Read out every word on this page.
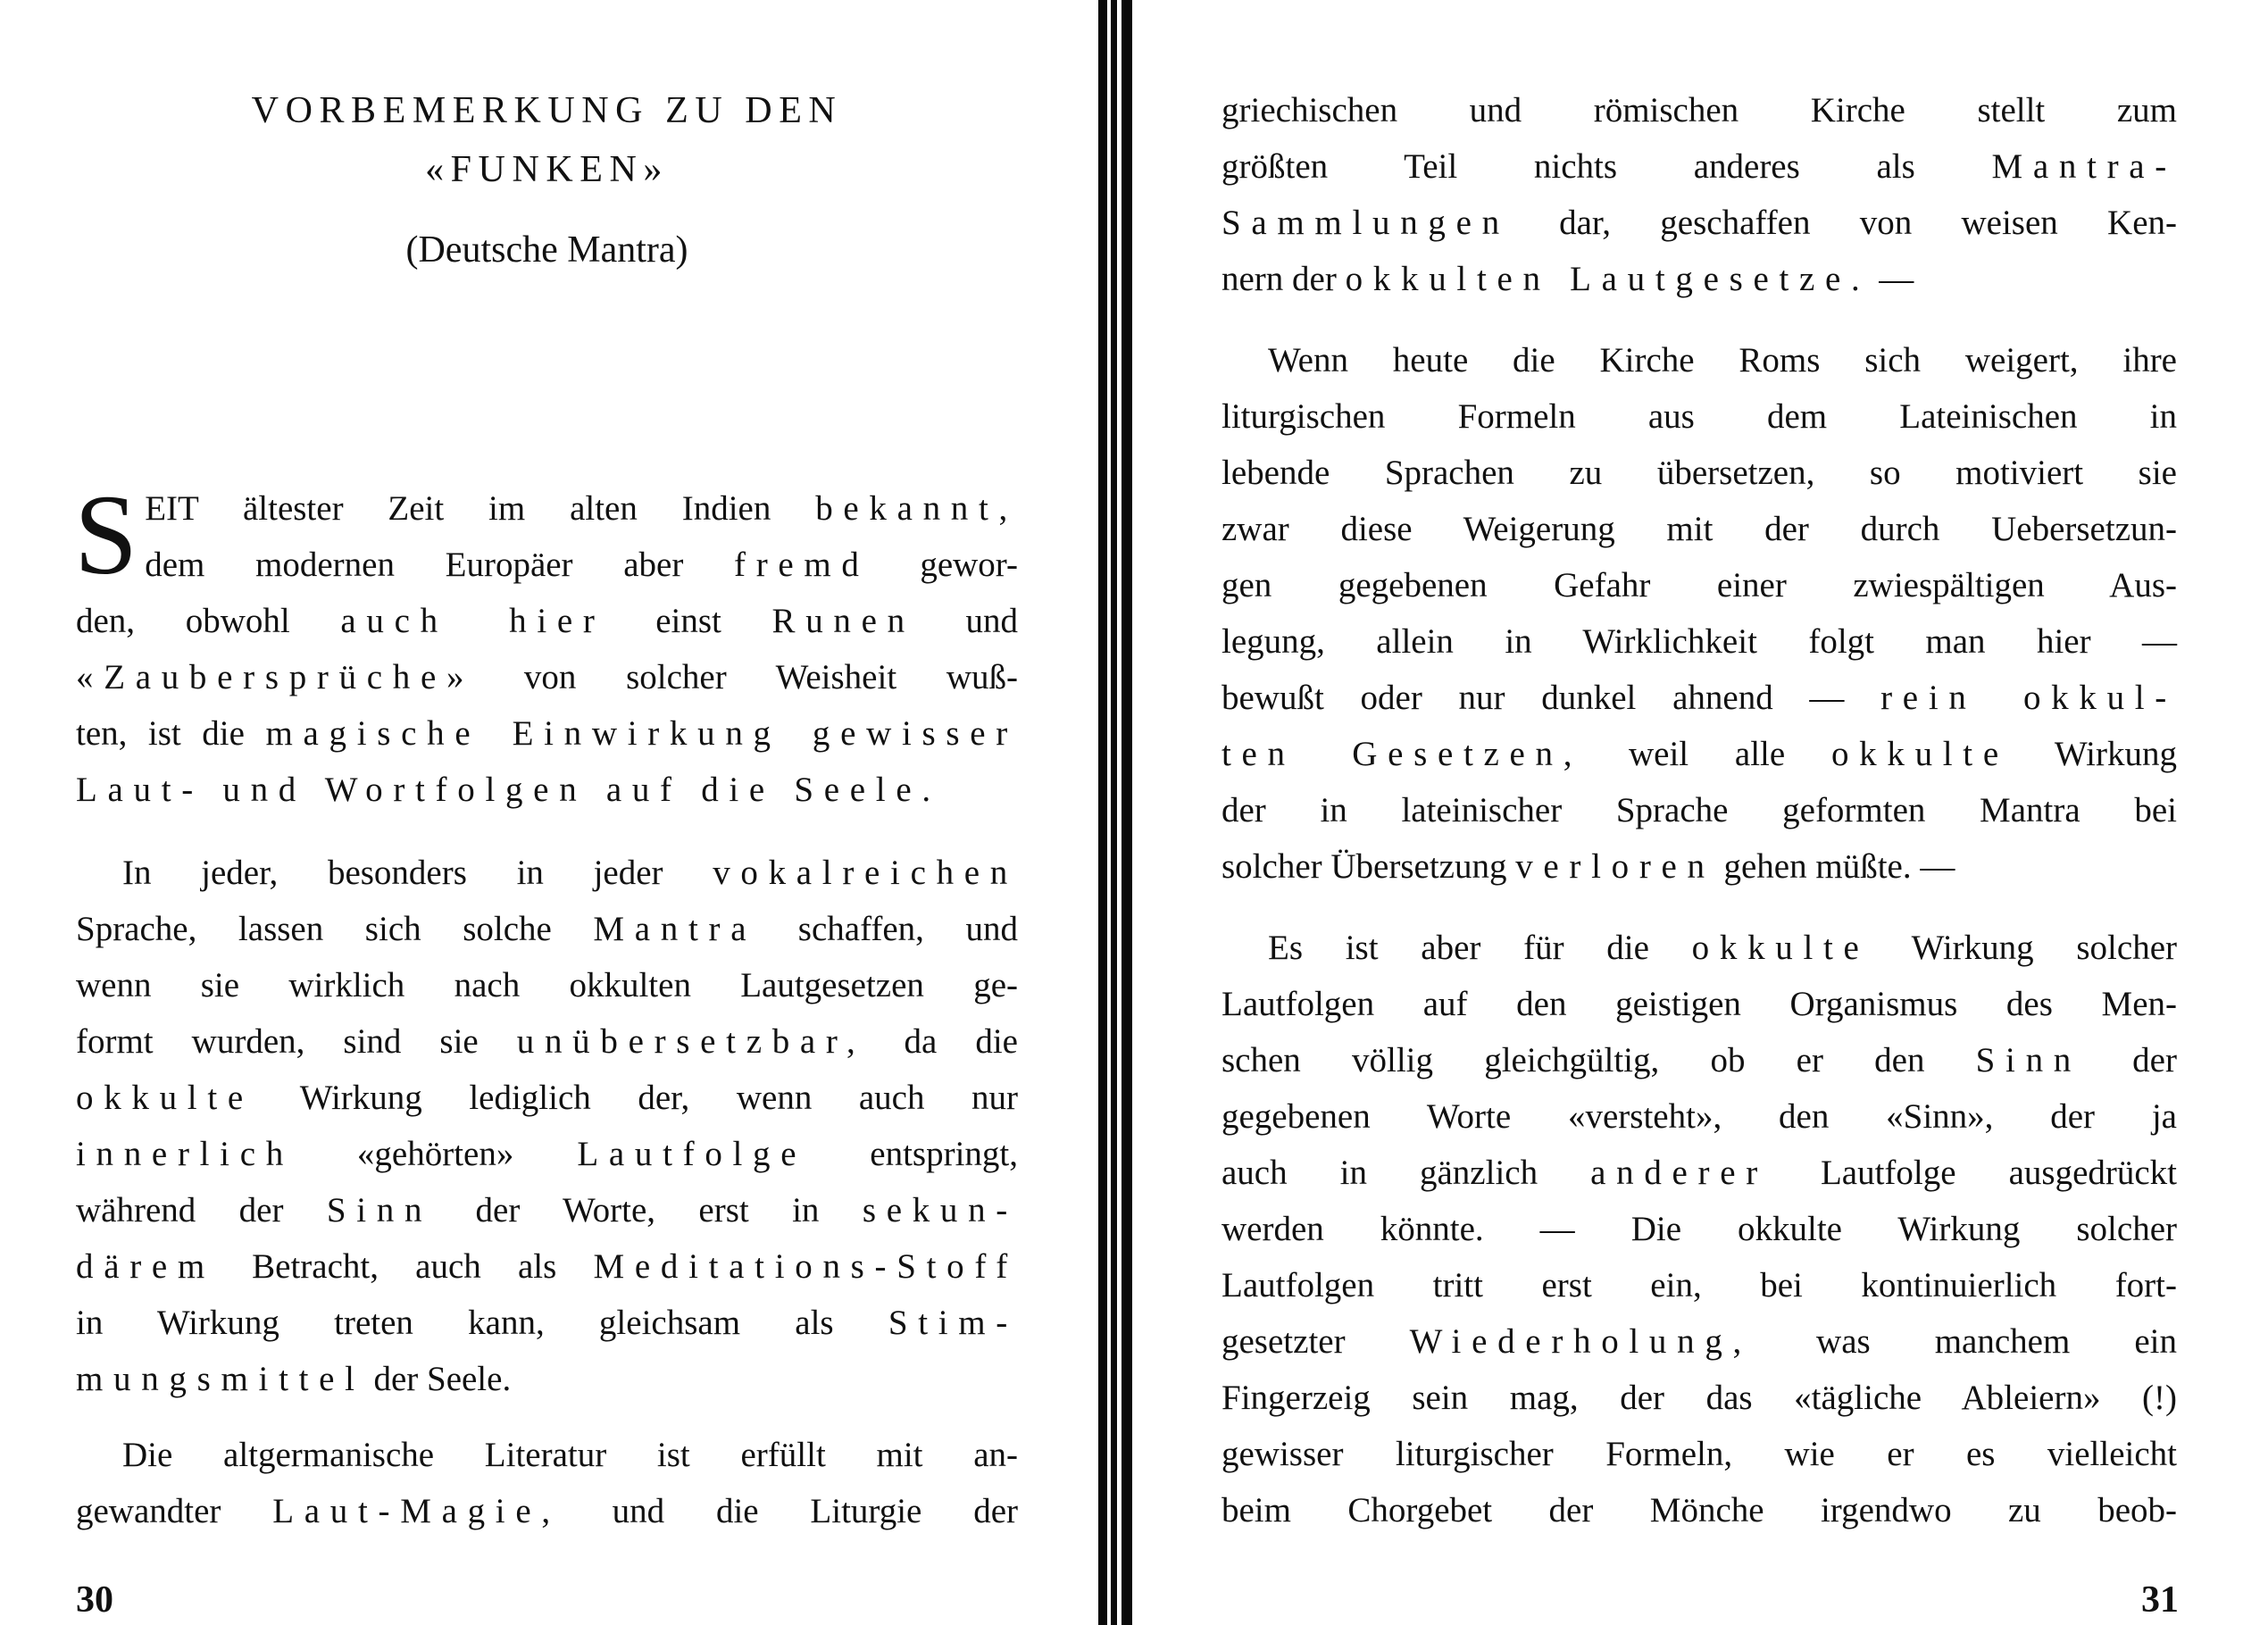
VORBEMERKUNG ZU DEN
«FUNKEN»
(Deutsche Mantra)
S EIT ältester Zeit im alten Indien bekannt,
dem modernen Europäer aber fremd gewor-
den, obwohl auch hier einst Runen und
«Zaubersprüche» von solcher Weisheit wuß-
ten, ist die magische Einwirkung gewisser
Laut- und Wortfolgen auf die Seele.
In jeder, besonders in jeder vokalreichen
Sprache, lassen sich solche Mantra schaffen, und
wenn sie wirklich nach okkulten Lautgesetzen ge-
formt wurden, sind sie unübersetzbar, da die
okkulte Wirkung lediglich der, wenn auch nur
innerlich «gehörten» Lautfolge entspringt,
während der Sinn der Worte, erst in sekun-
därem Betracht, auch als Meditations-Stoff
in Wirkung treten kann, gleichsam als Stim-
mungsmittel der Seele.
Die altgermanische Literatur ist erfüllt mit an-
gewandter Laut-Magie, und die Liturgie der
30
griechischen und römischen Kirche stellt zum
größten Teil nichts anderes als Mantra-
Sammlungen dar, geschaffen von weisen Ken-
nern der okkulten Lautgesetze. —
Wenn heute die Kirche Roms sich weigert, ihre
liturgischen Formeln aus dem Lateinischen in
lebende Sprachen zu übersetzen, so motiviert sie
zwar diese Weigerung mit der durch Uebersetzun-
gen gegebenen Gefahr einer zwiespältigen Aus-
legung, allein in Wirklichkeit folgt man hier —
bewußt oder nur dunkel ahnend — rein okkul-
ten Gesetzen, weil alle okkulte Wirkung
der in lateinischer Sprache geformten Mantra bei
solcher Übersetzung verloren gehen müßte. —
Es ist aber für die okkulte Wirkung solcher
Lautfolgen auf den geistigen Organismus des Men-
schen völlig gleichgültig, ob er den Sinn der
gegebenen Worte «versteht», den «Sinn», der ja
auch in gänzlich anderer Lautfolge ausgedrückt
werden könnte. — Die okkulte Wirkung solcher
Lautfolgen tritt erst ein, bei kontinuierlich fort-
gesetzter Wiederholung, was manchem ein
Fingerzeig sein mag, der das «tägliche Ableiern» (!)
gewisser liturgischer Formeln, wie er es vielleicht
beim Chorgebet der Mönche irgendwo zu beob-
31
